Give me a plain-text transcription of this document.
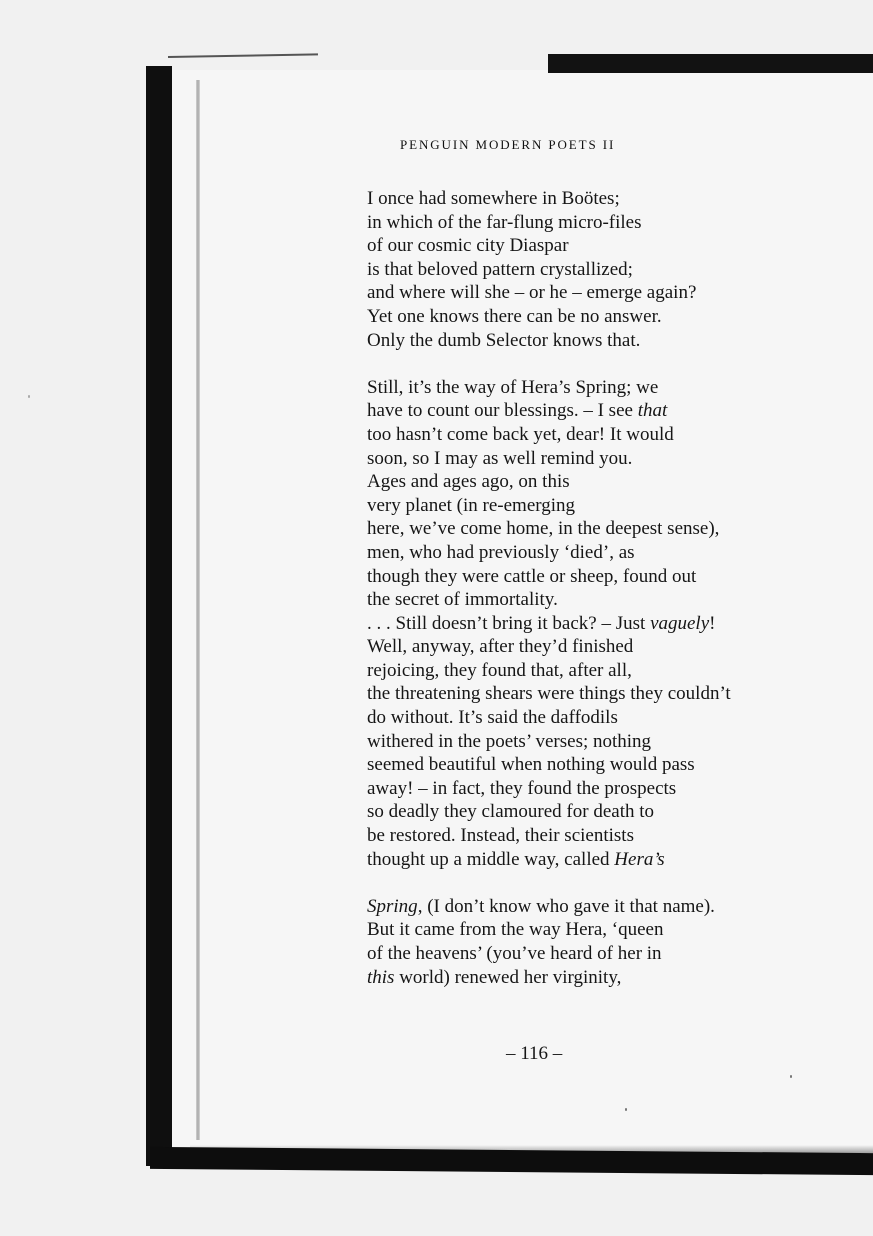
PENGUIN MODERN POETS II
I once had somewhere in Boötes;
in which of the far-flung micro-files
of our cosmic city Diaspar
is that beloved pattern crystallized;
and where will she – or he – emerge again?
Yet one knows there can be no answer.
Only the dumb Selector knows that.
Still, it’s the way of Hera’s Spring; we
have to count our blessings. – I see that
too hasn’t come back yet, dear! It would
soon, so I may as well remind you.
Ages and ages ago, on this
very planet (in re-emerging
here, we’ve come home, in the deepest sense),
men, who had previously ‘died’, as
though they were cattle or sheep, found out
the secret of immortality.
. . . Still doesn’t bring it back? – Just vaguely!
Well, anyway, after they’d finished
rejoicing, they found that, after all,
the threatening shears were things they couldn’t
do without. It’s said the daffodils
withered in the poets’ verses; nothing
seemed beautiful when nothing would pass
away! – in fact, they found the prospects
so deadly they clamoured for death to
be restored. Instead, their scientists
thought up a middle way, called Hera’s
Spring, (I don’t know who gave it that name).
But it came from the way Hera, ‘queen
of the heavens’ (you’ve heard of her in
this world) renewed her virginity,
– 116 –
